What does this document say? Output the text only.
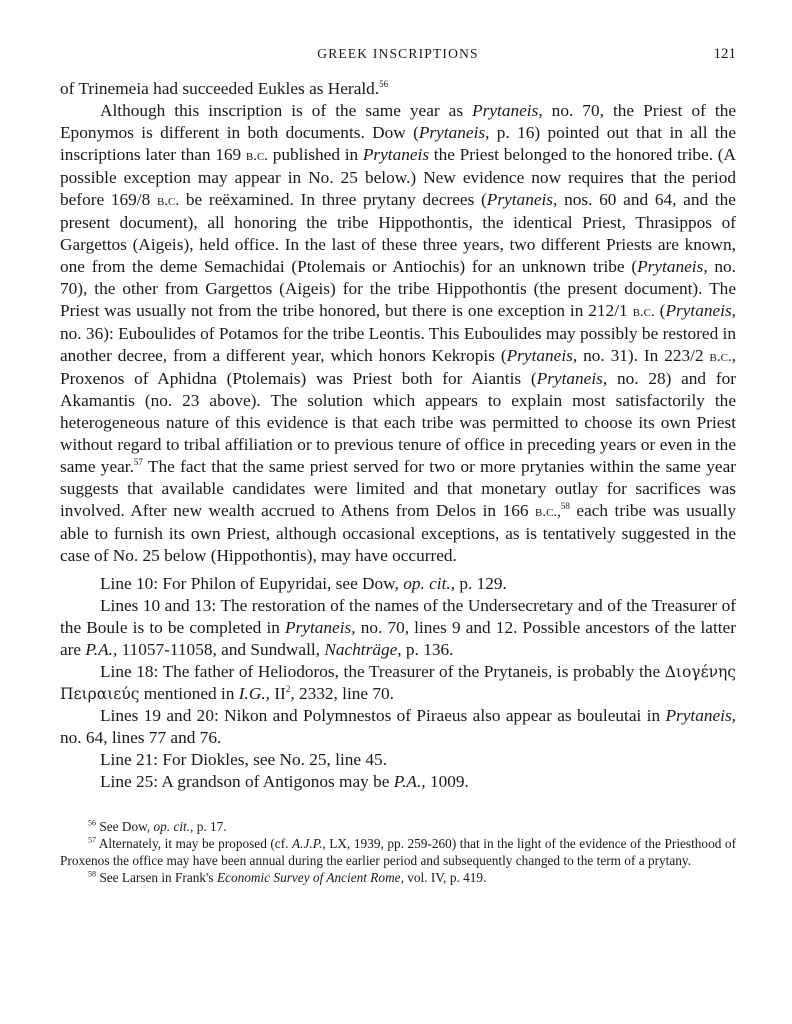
GREEK INSCRIPTIONS	121

of Trinemeia had succeeded Eukles as Herald.$^{56}$

Although this inscription is of the same year as Prytaneis, no. 70, the Priest of the Eponymos is different in both documents. Dow (Prytaneis, p. 16) pointed out that in all the inscriptions later than 169 b.c. published in Prytaneis the Priest belonged to the honored tribe. (A possible exception may appear in No. 25 below.) New evidence now requires that the period before 169/8 b.c. be reëxamined. In three prytany decrees (Prytaneis, nos. 60 and 64, and the present document), all honoring the tribe Hippothontis, the identical Priest, Thrasippos of Gargettos (Aigeis), held office. In the last of these three years, two different Priests are known, one from the deme Semachidai (Ptolemais or Antiochis) for an unknown tribe (Prytaneis, no. 70), the other from Gargettos (Aigeis) for the tribe Hippothontis (the present document). The Priest was usually not from the tribe honored, but there is one exception in 212/1 b.c. (Prytaneis, no. 36): Euboulides of Potamos for the tribe Leontis. This Euboulides may possibly be restored in another decree, from a different year, which honors Kekropis (Prytaneis, no. 31). In 223/2 b.c., Proxenos of Aphidna (Ptolemais) was Priest both for Aiantis (Prytaneis, no. 28) and for Akamantis (no. 23 above). The solution which appears to explain most satisfactorily the heterogeneous nature of this evidence is that each tribe was permitted to choose its own Priest without regard to tribal affiliation or to previous tenure of office in preceding years or even in the same year.$^{57}$ The fact that the same priest served for two or more prytanies within the same year suggests that available candidates were limited and that monetary outlay for sacrifices was involved. After new wealth accrued to Athens from Delos in 166 b.c.,$^{58}$ each tribe was usually able to furnish its own Priest, although occasional exceptions, as is tentatively suggested in the case of No. 25 below (Hippothontis), may have occurred.

Line 10: For Philon of Eupyridai, see Dow, op. cit., p. 129.

Lines 10 and 13: The restoration of the names of the Undersecretary and of the Treasurer of the Boule is to be completed in Prytaneis, no. 70, lines 9 and 12. Possible ancestors of the latter are P.A., 11057-11058, and Sundwall, Nachträge, p. 136.

Line 18: The father of Heliodoros, the Treasurer of the Prytaneis, is probably the Διογένης Πειραιεύς mentioned in I.G., $II^2$, 2332, line 70.

Lines 19 and 20: Nikon and Polymnestos of Piraeus also appear as bouleutai in Prytaneis, no. 64, lines 77 and 76.

Line 21: For Diokles, see No. 25, line 45.

Line 25: A grandson of Antigonos may be P.A., 1009.

$^{56}$ See Dow, op. cit., p. 17.

$^{57}$ Alternately, it may be proposed (cf. A.J.P., LX, 1939, pp. 259-260) that in the light of the evidence of the Priesthood of Proxenos the office may have been annual during the earlier period and subsequently changed to the term of a prytany.

$^{58}$ See Larsen in Frank's Economic Survey of Ancient Rome, vol. IV, p. 419.
